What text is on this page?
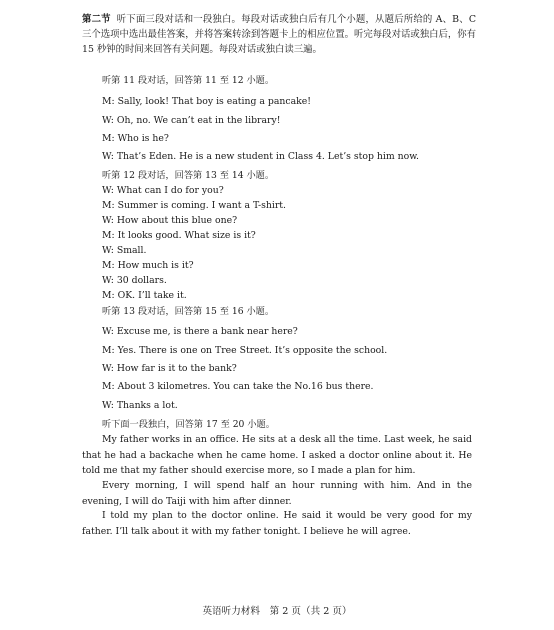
第二节 听下面三段对话和一段独白。每段对话或独白后有几个小题，从题后所给的 A、B、C 三个选项中选出最佳答案，并将答案转涂到答题卡上的相应位置。听完每段对话或独白后，你有 15 秒钟的时间来回答有关问题。每段对话或独白读三遍。
听第 11 段对话，回答第 11 至 12 小题。
M: Sally, look! That boy is eating a pancake!
W: Oh, no. We can’t eat in the library!
M: Who is he?
W: That’s Eden. He is a new student in Class 4. Let’s stop him now.
听第 12 段对话，回答第 13 至 14 小题。
W: What can I do for you?
M: Summer is coming. I want a T-shirt.
W: How about this blue one?
M: It looks good. What size is it?
W: Small.
M: How much is it?
W: 30 dollars.
M: OK. I’ll take it.
听第 13 段对话，回答第 15 至 16 小题。
W: Excuse me, is there a bank near here?
M: Yes. There is one on Tree Street. It’s opposite the school.
W: How far is it to the bank?
M: About 3 kilometres. You can take the No.16 bus there.
W: Thanks a lot.
听下面一段独白，回答第 17 至 20 小题。
My father works in an office. He sits at a desk all the time. Last week, he said that he had a backache when he came home. I asked a doctor online about it. He told me that my father should exercise more, so I made a plan for him.
Every morning, I will spend half an hour running with him. And in the evening, I will do Taiji with him after dinner.
I told my plan to the doctor online. He said it would be very good for my father. I’ll talk about it with my father tonight. I believe he will agree.
英语听力材料　第 2 页（共 2 页）
